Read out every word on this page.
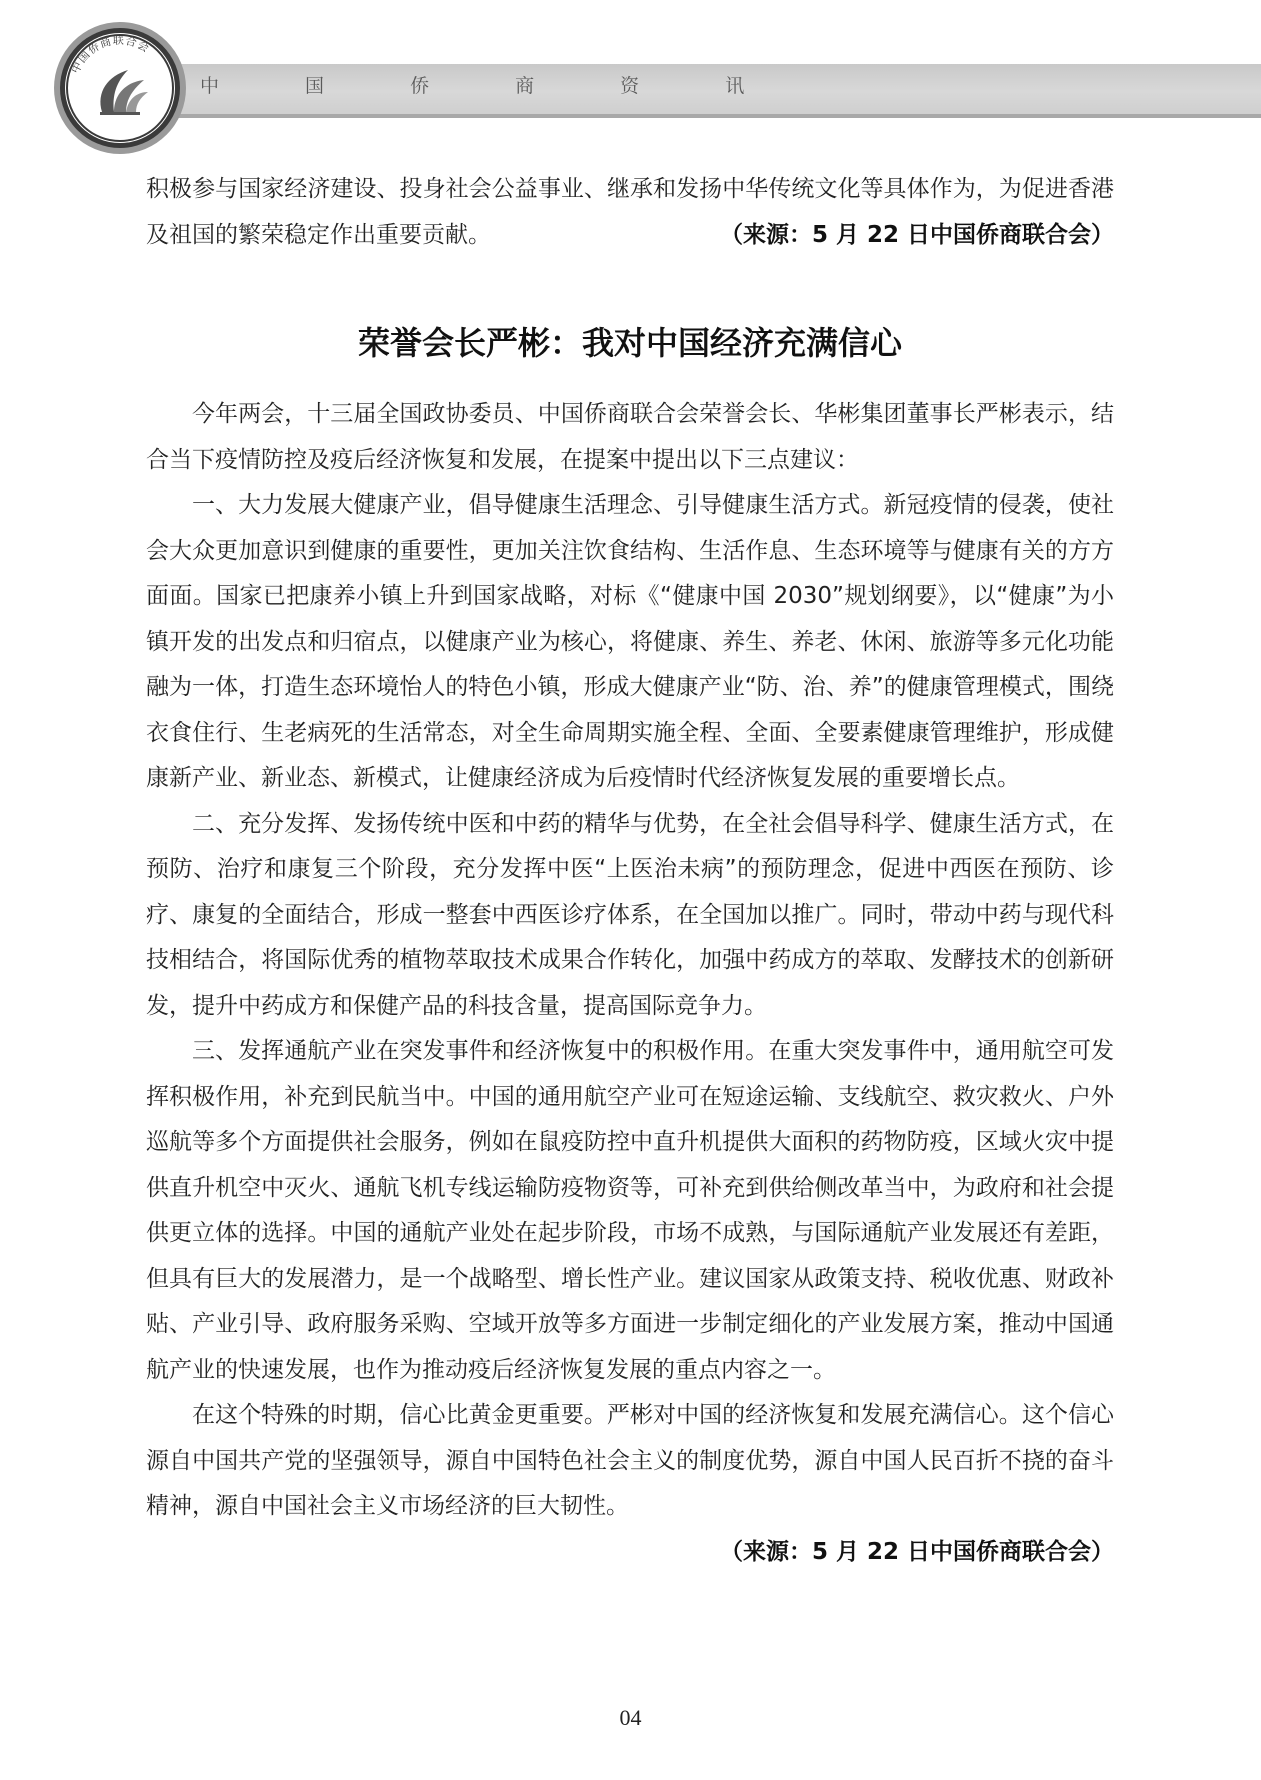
中 国 侨 商 资 讯
中国侨商联合会

积极参与国家经济建设、投身社会公益事业、继承和发扬中华传统文化等具体作为，为促进香港及祖国的繁荣稳定作出重要贡献。	（来源：5 月 22 日中国侨商联合会）

荣誉会长严彬：我对中国经济充满信心

今年两会，十三届全国政协委员、中国侨商联合会荣誉会长、华彬集团董事长严彬表示，结合当下疫情防控及疫后经济恢复和发展，在提案中提出以下三点建议：

一、大力发展大健康产业，倡导健康生活理念、引导健康生活方式。新冠疫情的侵袭，使社会大众更加意识到健康的重要性，更加关注饮食结构、生活作息、生态环境等与健康有关的方方面面。国家已把康养小镇上升到国家战略，对标《“健康中国 2030”规划纲要》，以“健康”为小镇开发的出发点和归宿点，以健康产业为核心，将健康、养生、养老、休闲、旅游等多元化功能融为一体，打造生态环境怡人的特色小镇，形成大健康产业“防、治、养”的健康管理模式，围绕衣食住行、生老病死的生活常态，对全生命周期实施全程、全面、全要素健康管理维护，形成健康新产业、新业态、新模式，让健康经济成为后疫情时代经济恢复发展的重要增长点。

二、充分发挥、发扬传统中医和中药的精华与优势，在全社会倡导科学、健康生活方式，在预防、治疗和康复三个阶段，充分发挥中医“上医治未病”的预防理念，促进中西医在预防、诊疗、康复的全面结合，形成一整套中西医诊疗体系，在全国加以推广。同时，带动中药与现代科技相结合，将国际优秀的植物萃取技术成果合作转化，加强中药成方的萃取、发酵技术的创新研发，提升中药成方和保健产品的科技含量，提高国际竞争力。

三、发挥通航产业在突发事件和经济恢复中的积极作用。在重大突发事件中，通用航空可发挥积极作用，补充到民航当中。中国的通用航空产业可在短途运输、支线航空、救灾救火、户外巡航等多个方面提供社会服务，例如在鼠疫防控中直升机提供大面积的药物防疫，区域火灾中提供直升机空中灭火、通航飞机专线运输防疫物资等，可补充到供给侧改革当中，为政府和社会提供更立体的选择。中国的通航产业处在起步阶段，市场不成熟，与国际通航产业发展还有差距，但具有巨大的发展潜力，是一个战略型、增长性产业。建议国家从政策支持、税收优惠、财政补贴、产业引导、政府服务采购、空域开放等多方面进一步制定细化的产业发展方案，推动中国通航产业的快速发展，也作为推动疫后经济恢复发展的重点内容之一。

在这个特殊的时期，信心比黄金更重要。严彬对中国的经济恢复和发展充满信心。这个信心源自中国共产党的坚强领导，源自中国特色社会主义的制度优势，源自中国人民百折不挠的奋斗精神，源自中国社会主义市场经济的巨大韧性。

（来源：5 月 22 日中国侨商联合会）

04
